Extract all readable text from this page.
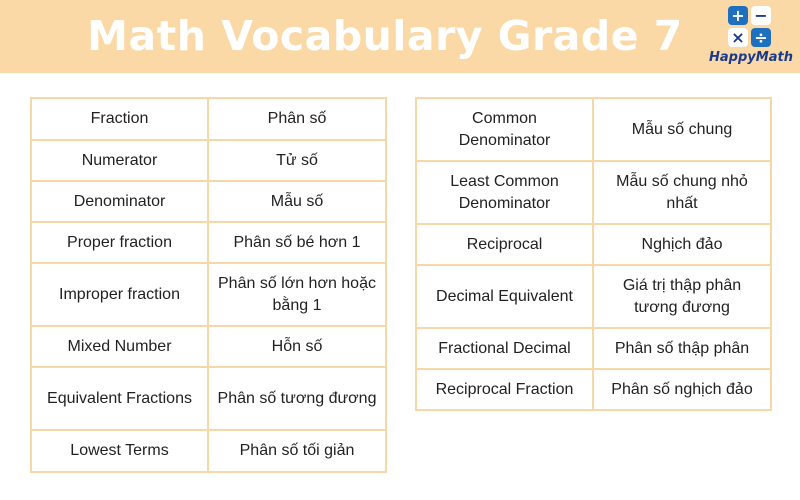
Math Vocabulary Grade 7	+ −
× ÷
HappyMath
Fraction	Phân số
Numerator	Tử số
Denominator	Mẫu số
Proper fraction	Phân số bé hơn 1
Improper fraction	Phân số lớn hơn hoặc bằng 1
Mixed Number	Hỗn số
Equivalent Fractions	Phân số tương đương
Lowest Terms	Phân số tối giản
Common Denominator	Mẫu số chung
Least Common Denominator	Mẫu số chung nhỏ nhất
Reciprocal	Nghịch đảo
Decimal Equivalent	Giá trị thập phân tương đương
Fractional Decimal	Phân số thập phân
Reciprocal Fraction	Phân số nghịch đảo
